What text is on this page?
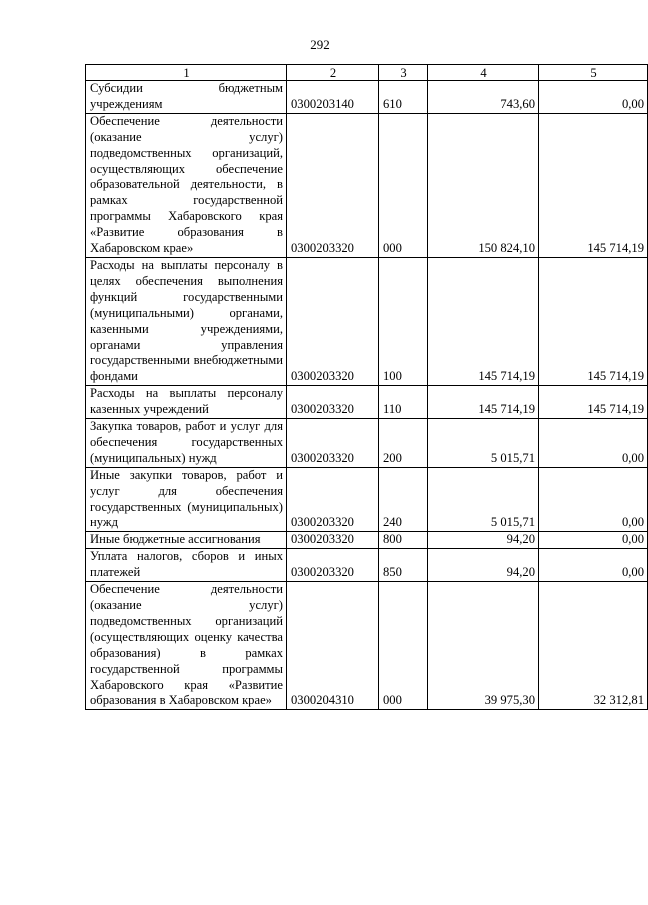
292
1	2	3	4	5
Субсидии бюджетным учреждениям	0300203140	610	743,60	0,00
Обеспечение деятельности (оказание услуг) подведомственных организаций, осуществляющих обеспечение образовательной деятельности, в рамках государственной программы Хабаровского края «Развитие образования в Хабаровском крае»	0300203320	000	150 824,10	145 714,19
Расходы на выплаты персоналу в целях обеспечения выполнения функций государственными (муниципальными) органами, казенными учреждениями, органами управления государственными внебюджетными фондами	0300203320	100	145 714,19	145 714,19
Расходы на выплаты персоналу казенных учреждений	0300203320	110	145 714,19	145 714,19
Закупка товаров, работ и услуг для обеспечения государственных (муниципальных) нужд	0300203320	200	5 015,71	0,00
Иные закупки товаров, работ и услуг для обеспечения государственных (муниципальных) нужд	0300203320	240	5 015,71	0,00
Иные бюджетные ассигнования	0300203320	800	94,20	0,00
Уплата налогов, сборов и иных платежей	0300203320	850	94,20	0,00
Обеспечение деятельности (оказание услуг) подведомственных организаций (осуществляющих оценку качества образования) в рамках государственной программы Хабаровского края «Развитие образования в Хабаровском крае»	0300204310	000	39 975,30	32 312,81
